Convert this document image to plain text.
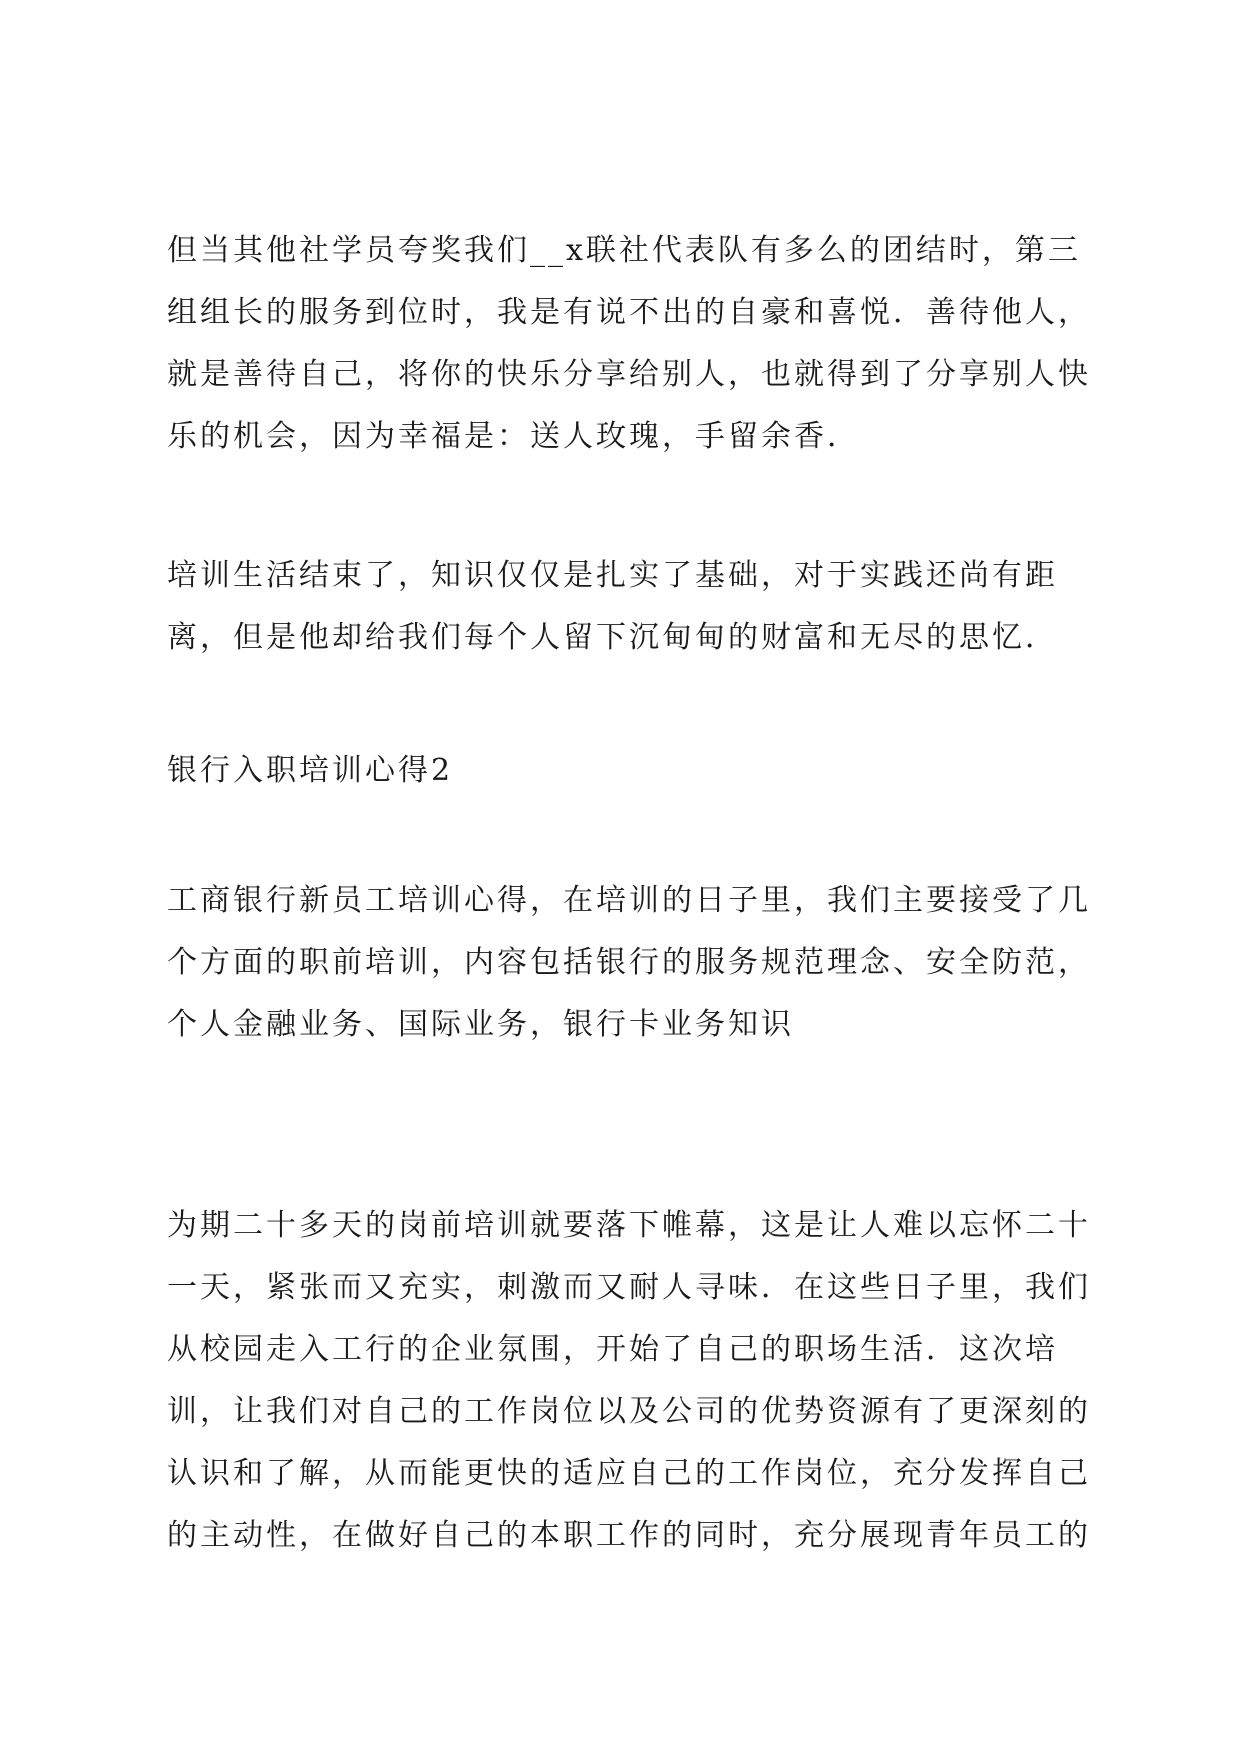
但当其他社学员夸奖我们__x联社代表队有多么的团结时，第三
组组长的服务到位时，我是有说不出的自豪和喜悦．善待他人，
就是善待自己，将你的快乐分享给别人，也就得到了分享别人快
乐的机会，因为幸福是：送人玫瑰，手留余香．
培训生活结束了，知识仅仅是扎实了基础，对于实践还尚有距
离，但是他却给我们每个人留下沉甸甸的财富和无尽的思忆．
银行入职培训心得2
工商银行新员工培训心得，在培训的日子里，我们主要接受了几
个方面的职前培训，内容包括银行的服务规范理念、安全防范，
个人金融业务、国际业务，银行卡业务知识
为期二十多天的岗前培训就要落下帷幕，这是让人难以忘怀二十
一天，紧张而又充实，刺激而又耐人寻味．在这些日子里，我们
从校园走入工行的企业氛围，开始了自己的职场生活．这次培
训，让我们对自己的工作岗位以及公司的优势资源有了更深刻的
认识和了解，从而能更快的适应自己的工作岗位，充分发挥自己
的主动性，在做好自己的本职工作的同时，充分展现青年员工的
